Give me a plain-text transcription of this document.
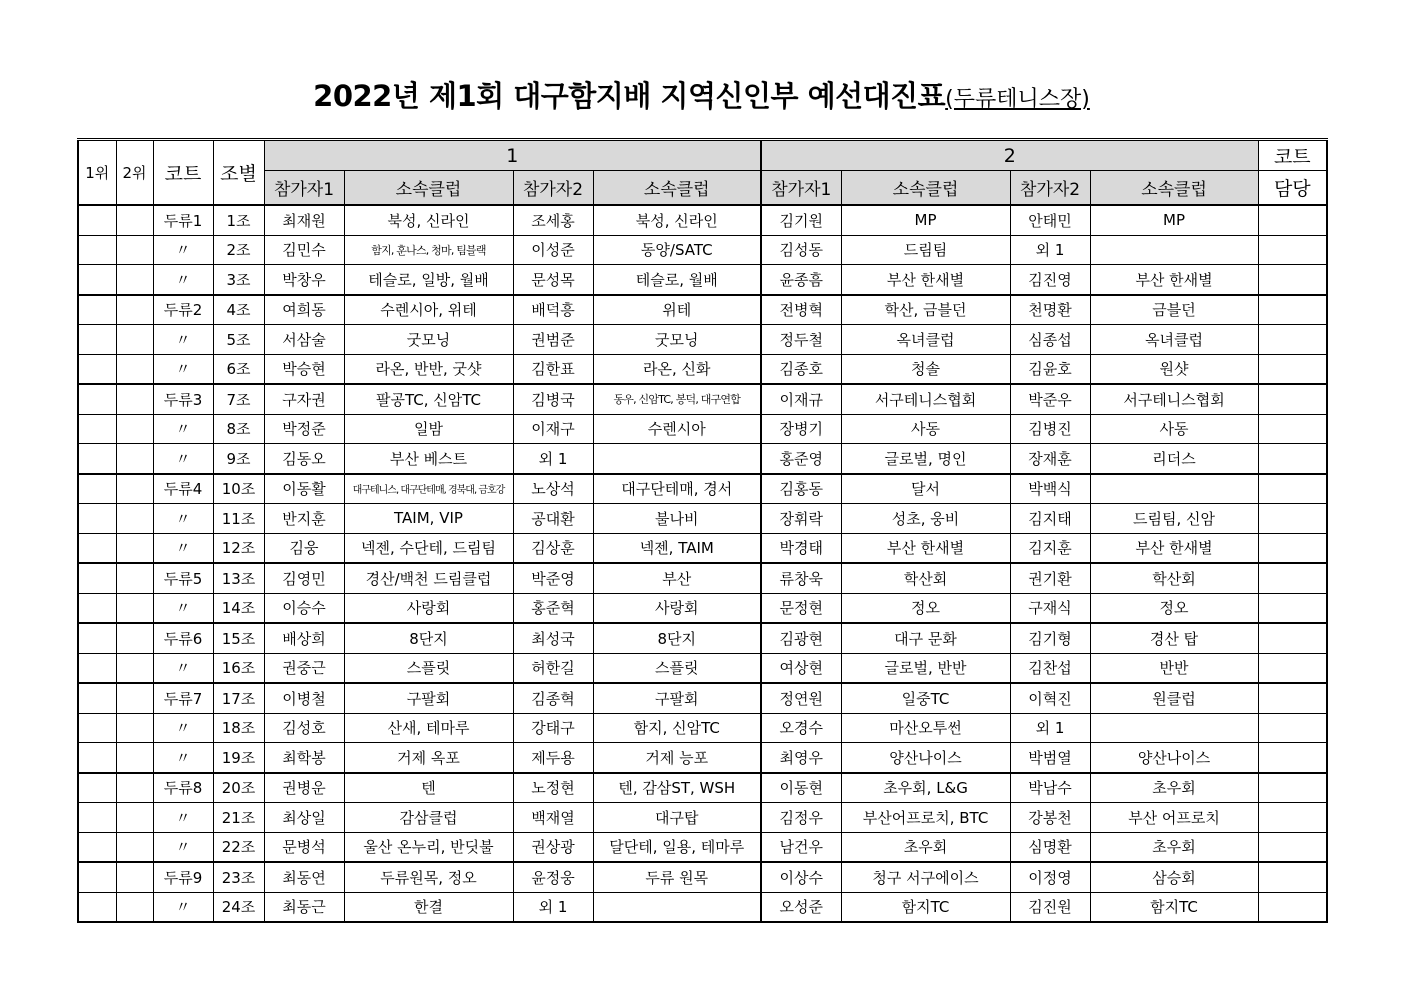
2022년 제1회 대구함지배 지역신인부 예선대진표(두류테니스장)
1위	2위	코트	조별	1				2				코트
				참가자1	소속클럽	참가자2	소속클럽	참가자1	소속클럽	참가자2	소속클럽	담당
		두류1	1조	최재원	북성, 신라인	조세홍	북성, 신라인	김기원	MP	안태민	MP	
		〃	2조	김민수	함지, 훈나스, 청마, 팀블랙	이성준	동양/SATC	김성동	드림팀	외 1		
		〃	3조	박창우	테슬로, 일방, 월배	문성목	테슬로, 월배	윤종흠	부산 한새별	김진영	부산 한새별	
		두류2	4조	여희동	수렌시아, 위테	배덕흥	위테	전병혁	학산, 금블던	천명환	금블던	
		〃	5조	서삼술	굿모닝	권범준	굿모닝	정두철	옥녀클럽	심종섭	옥녀클럽	
		〃	6조	박승현	라온, 반반, 굿샷	김한표	라온, 신화	김종호	청솔	김윤호	원샷	
		두류3	7조	구자권	팔공TC, 신암TC	김병국	동우, 신암TC, 봉덕, 대구연합	이재규	서구테니스협회	박준우	서구테니스협회	
		〃	8조	박정준	일밤	이재구	수렌시아	장병기	사동	김병진	사동	
		〃	9조	김동오	부산 베스트	외 1		홍준영	글로벌, 명인	장재훈	리더스	
		두류4	10조	이동활	대구테니스, 대구단테매, 경북대, 금호강	노상석	대구단테매, 경서	김홍동	달서	박백식		
		〃	11조	반지훈	TAIM, VIP	공대환	불나비	장휘락	성초, 웅비	김지태	드림팀, 신암	
		〃	12조	김웅	넥젠, 수단테, 드림팀	김상훈	넥젠, TAIM	박경태	부산 한새별	김지훈	부산 한새별	
		두류5	13조	김영민	경산/백천 드림클럽	박준영	부산	류창욱	학산회	권기환	학산회	
		〃	14조	이승수	사랑회	홍준혁	사랑회	문정현	정오	구재식	정오	
		두류6	15조	배상희	8단지	최성국	8단지	김광현	대구 문화	김기형	경산 탑	
		〃	16조	권중근	스플릿	허한길	스플릿	여상현	글로벌, 반반	김찬섭	반반	
		두류7	17조	이병철	구팔회	김종혁	구팔회	정연원	일중TC	이혁진	원클럽	
		〃	18조	김성호	산새, 테마루	강태구	함지, 신암TC	오경수	마산오투썬	외 1		
		〃	19조	최학봉	거제 옥포	제두용	거제 능포	최영우	양산나이스	박범열	양산나이스	
		두류8	20조	권병운	텐	노정현	텐, 감삼ST, WSH	이동현	초우회, L&G	박남수	초우회	
		〃	21조	최상일	감삼클럽	백재열	대구탑	김정우	부산어프로치, BTC	강봉천	부산 어프로치	
		〃	22조	문병석	울산 온누리, 반딧불	권상광	달단테, 일용, 테마루	남건우	초우회	심명환	초우회	
		두류9	23조	최동연	두류원목, 정오	윤정웅	두류 원목	이상수	청구 서구에이스	이정영	삼승회	
		〃	24조	최동근	한결	외 1		오성준	함지TC	김진원	함지TC	
